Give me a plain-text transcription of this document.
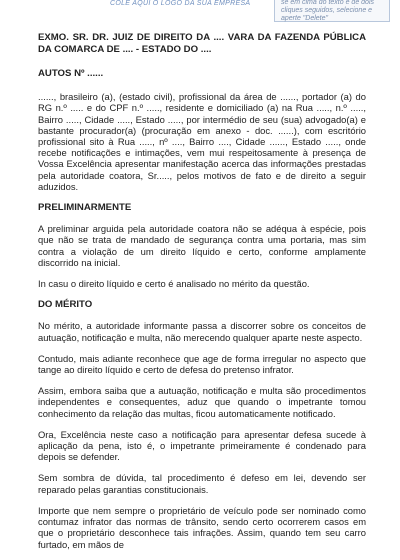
COLE AQUI O LOGO DA SUA EMPRESA	se em cima do texto e dê dois cliques seguidos, selecione e aperte "Delete"
EXMO. SR. DR. JUIZ DE DIREITO DA .... VARA DA FAZENDA PÚBLICA DA COMARCA DE .... - ESTADO DO ....
AUTOS Nº ......

......, brasileiro (a), (estado civil), profissional da área de ......, portador (a) do RG n.º ..... e do CPF n.º ....., residente e domiciliado (a) na Rua ....., n.º ....., Bairro ....., Cidade ....., Estado ....., por intermédio de seu (sua) advogado(a) e bastante procurador(a) (procuração em anexo - doc. ......), com escritório profissional sito à Rua ....., nº ...., Bairro ...., Cidade ......, Estado ....., onde recebe notificações e intimações, vem mui respeitosamente à presença de Vossa Excelência apresentar manifestação acerca das informações prestadas pela autoridade coatora, Sr....., pelos motivos de fato e de direito a seguir aduzidos.

PRELIMINARMENTE

A preliminar arguida pela autoridade coatora não se adéqua à espécie, pois que não se trata de mandado de segurança contra uma portaria, mas sim contra a violação de um direito líquido e certo, conforme amplamente discorrido na inicial.

In casu o direito líquido e certo é analisado no mérito da questão.

DO MÉRITO

No mérito, a autoridade informante passa a discorrer sobre os conceitos de autuação, notificação e multa, não merecendo qualquer aparte neste aspecto.

Contudo, mais adiante reconhece que age de forma irregular no aspecto que tange ao direito líquido e certo de defesa do pretenso infrator.

Assim, embora saiba que a autuação, notificação e multa são procedimentos independentes e consequentes, aduz que quando o impetrante tomou conhecimento da relação das multas, ficou automaticamente notificado.

Ora, Excelência neste caso a notificação para apresentar defesa sucede à aplicação da pena, isto é, o impetrante primeiramente é condenado para depois se defender.

Sem sombra de dúvida, tal procedimento é defeso em lei, devendo ser reparado pelas garantias constitucionais.

Importe que nem sempre o proprietário de veículo pode ser nominado como contumaz infrator das normas de trânsito, sendo certo ocorrerem casos em que o proprietário desconhece tais infrações. Assim, quando tem seu carro furtado, em mãos de
